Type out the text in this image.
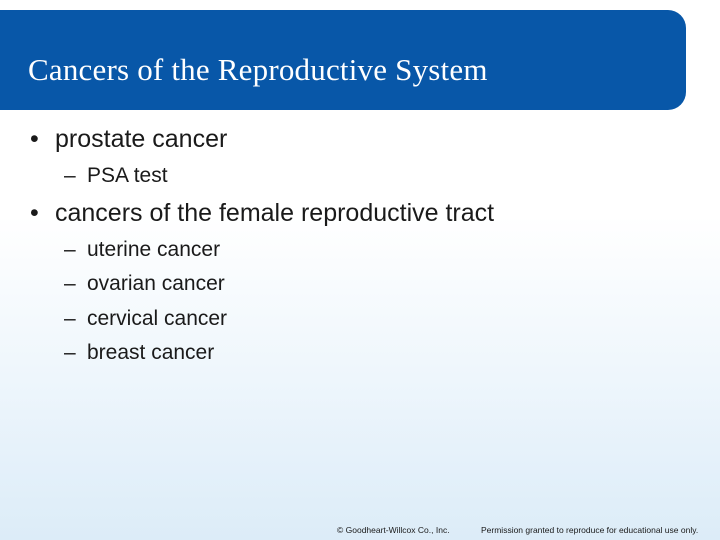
Cancers of the Reproductive System
• prostate cancer
– PSA test
• cancers of the female reproductive tract
– uterine cancer
– ovarian cancer
– cervical cancer
– breast cancer
© Goodheart-Willcox Co., Inc.	Permission granted to reproduce for educational use only.
